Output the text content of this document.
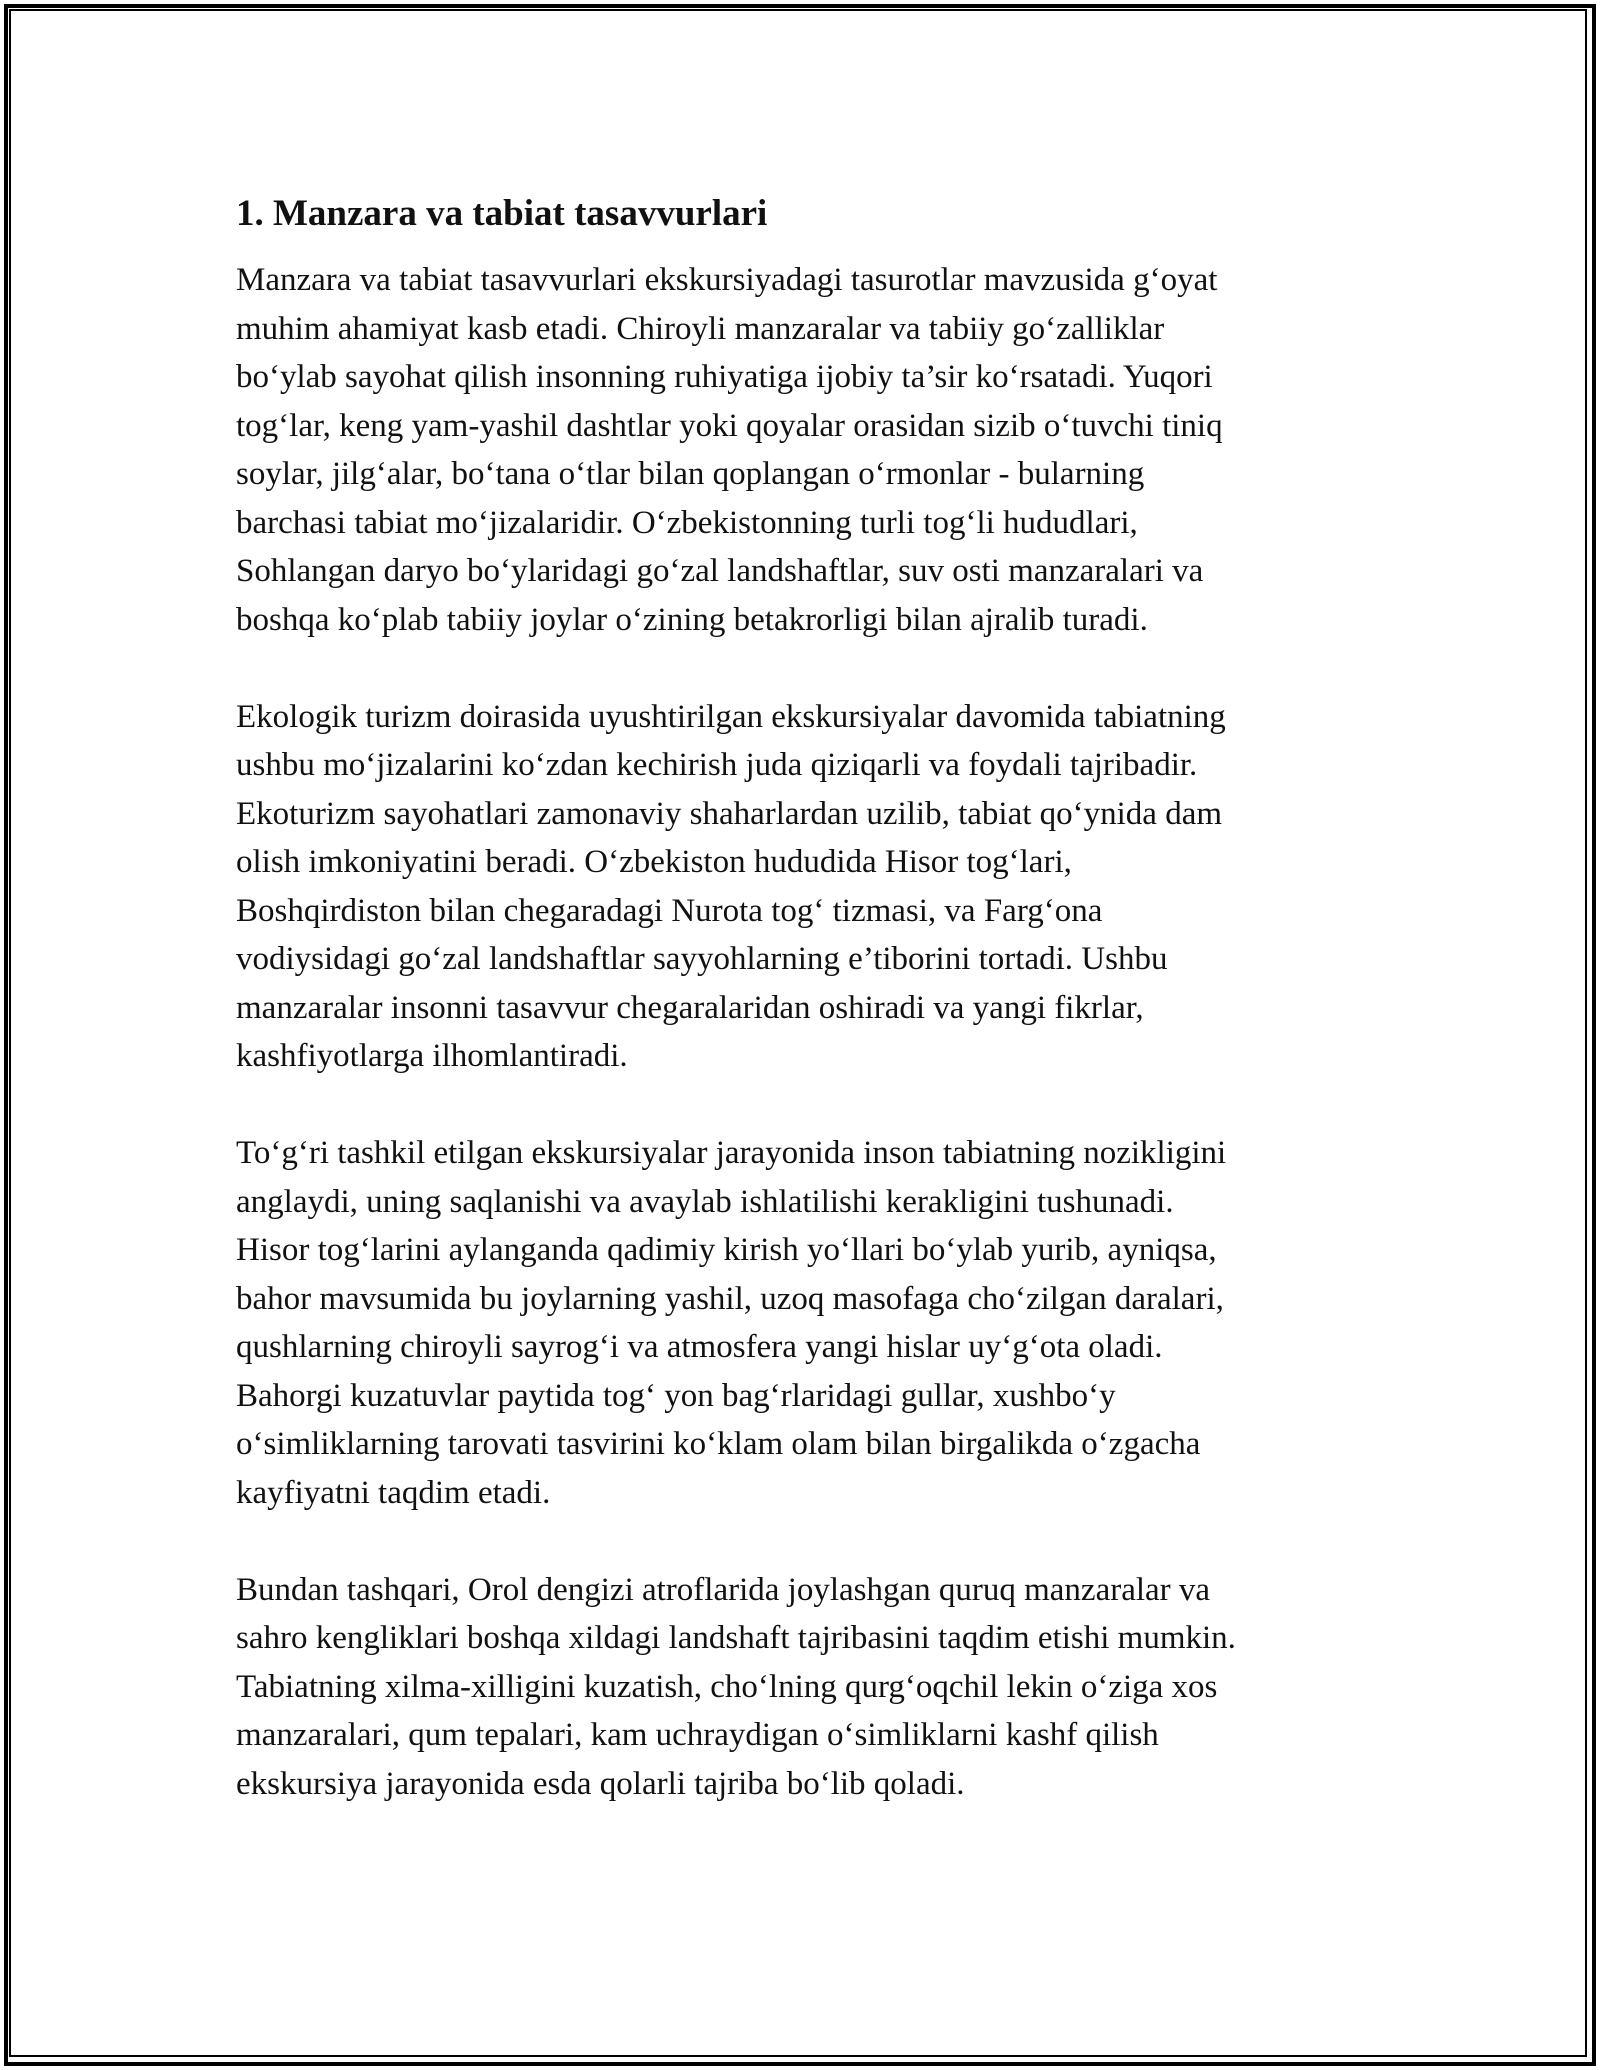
1. Manzara va tabiat tasavvurlari
Manzara va tabiat tasavvurlari ekskursiyadagi tasurotlar mavzusida g‘oyat
muhim ahamiyat kasb etadi. Chiroyli manzaralar va tabiiy go‘zalliklar
bo‘ylab sayohat qilish insonning ruhiyatiga ijobiy ta’sir ko‘rsatadi. Yuqori
tog‘lar, keng yam-yashil dashtlar yoki qoyalar orasidan sizib o‘tuvchi tiniq
soylar, jilg‘alar, bo‘tana o‘tlar bilan qoplangan o‘rmonlar - bularning
barchasi tabiat mo‘jizalaridir. O‘zbekistonning turli tog‘li hududlari,
Sohlangan daryo bo‘ylaridagi go‘zal landshaftlar, suv osti manzaralari va
boshqa ko‘plab tabiiy joylar o‘zining betakrorligi bilan ajralib turadi.
Ekologik turizm doirasida uyushtirilgan ekskursiyalar davomida tabiatning
ushbu mo‘jizalarini ko‘zdan kechirish juda qiziqarli va foydali tajribadir.
Ekoturizm sayohatlari zamonaviy shaharlardan uzilib, tabiat qo‘ynida dam
olish imkoniyatini beradi. O‘zbekiston hududida Hisor tog‘lari,
Boshqirdiston bilan chegaradagi Nurota tog‘ tizmasi, va Farg‘ona
vodiysidagi go‘zal landshaftlar sayyohlarning e’tiborini tortadi. Ushbu
manzaralar insonni tasavvur chegaralaridan oshiradi va yangi fikrlar,
kashfiyotlarga ilhomlantiradi.
To‘g‘ri tashkil etilgan ekskursiyalar jarayonida inson tabiatning nozikligini
anglaydi, uning saqlanishi va avaylab ishlatilishi kerakligini tushunadi.
Hisor tog‘larini aylanganda qadimiy kirish yo‘llari bo‘ylab yurib, ayniqsa,
bahor mavsumida bu joylarning yashil, uzoq masofaga cho‘zilgan daralari,
qushlarning chiroyli sayrog‘i va atmosfera yangi hislar uy‘g‘ota oladi.
Bahorgi kuzatuvlar paytida tog‘ yon bag‘rlaridagi gullar, xushbo‘y
o‘simliklarning tarovati tasvirini ko‘klam olam bilan birgalikda o‘zgacha
kayfiyatni taqdim etadi.
Bundan tashqari, Orol dengizi atroflarida joylashgan quruq manzaralar va
sahro kengliklari boshqa xildagi landshaft tajribasini taqdim etishi mumkin.
Tabiatning xilma-xilligini kuzatish, cho‘lning qurg‘oqchil lekin o‘ziga xos
manzaralari, qum tepalari, kam uchraydigan o‘simliklarni kashf qilish
ekskursiya jarayonida esda qolarli tajriba bo‘lib qoladi.
